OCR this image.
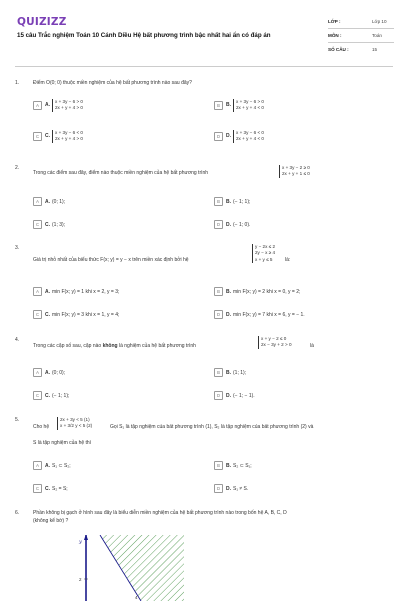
QUIZIZZ
15 câu Trắc nghiệm Toán 10 Cánh Diều Hệ bất phương trình bậc nhất hai ẩn có đáp án
LỚP :	Lớp 10
MÔN :	Toán
SỐ CÂU :	15
1.	Điểm O(0; 0) thuộc miền nghiệm của hệ bất phương trình nào sau đây?
A	A.
x + 3y − 6 > 0
2x + y + 4 > 0	B	B.
x + 3y − 6 > 0
2x + y + 4 < 0
C	C.
x + 3y − 6 < 0
2x + y + 4 > 0	D	D.
x + 3y − 6 < 0
2x + y + 4 < 0
2.
Trong các điểm sau đây, điểm nào thuộc miền nghiệm của hệ bất phương trình
x + 3y − 2 ≥ 0
2x + y + 1 ≤ 0
A	A. (0; 1);	B	B. (− 1; 1);
C	C. (1; 3);	D	D. (− 1; 0).
3.
Giá trị nhỏ nhất của biểu thức F(x; y) = y − x trên miền xác định bởi hệ
y − 2x ≤ 2
2y − x ≥ 4
x + y ≤ 5	là:
A	A. min F(x; y) = 1 khi x = 2, y = 3;	B	B. min F(x; y) = 2 khi x = 0, y = 2;
C	C. min F(x; y) = 3 khi x = 1, y = 4;	D	D. min F(x; y) = 7 khi x = 6, y = − 1.
4.
Trong các cặp số sau, cặp nào không là nghiệm của hệ bất phương trình
x + y − 2 ≤ 0
2x − 3y + 2 > 0	là
A	A. (0; 0);	B	B. (1; 1);
C	C. (− 1; 1);	D	D. (− 1; − 1).
5.
Cho hệ
2x + 3y < 5 (1)
x + 3/2 y < 5 (2)	Gọi S₁ là tập nghiệm của bất phương trình (1), S₂ là tập nghiệm của bất phương trình (2) và
S là tập nghiệm của hệ thì
A	A. S₁ ⊂ S₂;	B	B. S₂ ⊂ S₁;
C	C. S₂ = S;	D	D. S₁ ≠ S.
6.	Phần không bị gạch ở hình sau đây là biểu diễn miền nghiệm của hệ bất phương trình nào trong bốn hệ A, B, C, D
(không kể bờ) ?
y
2
4
